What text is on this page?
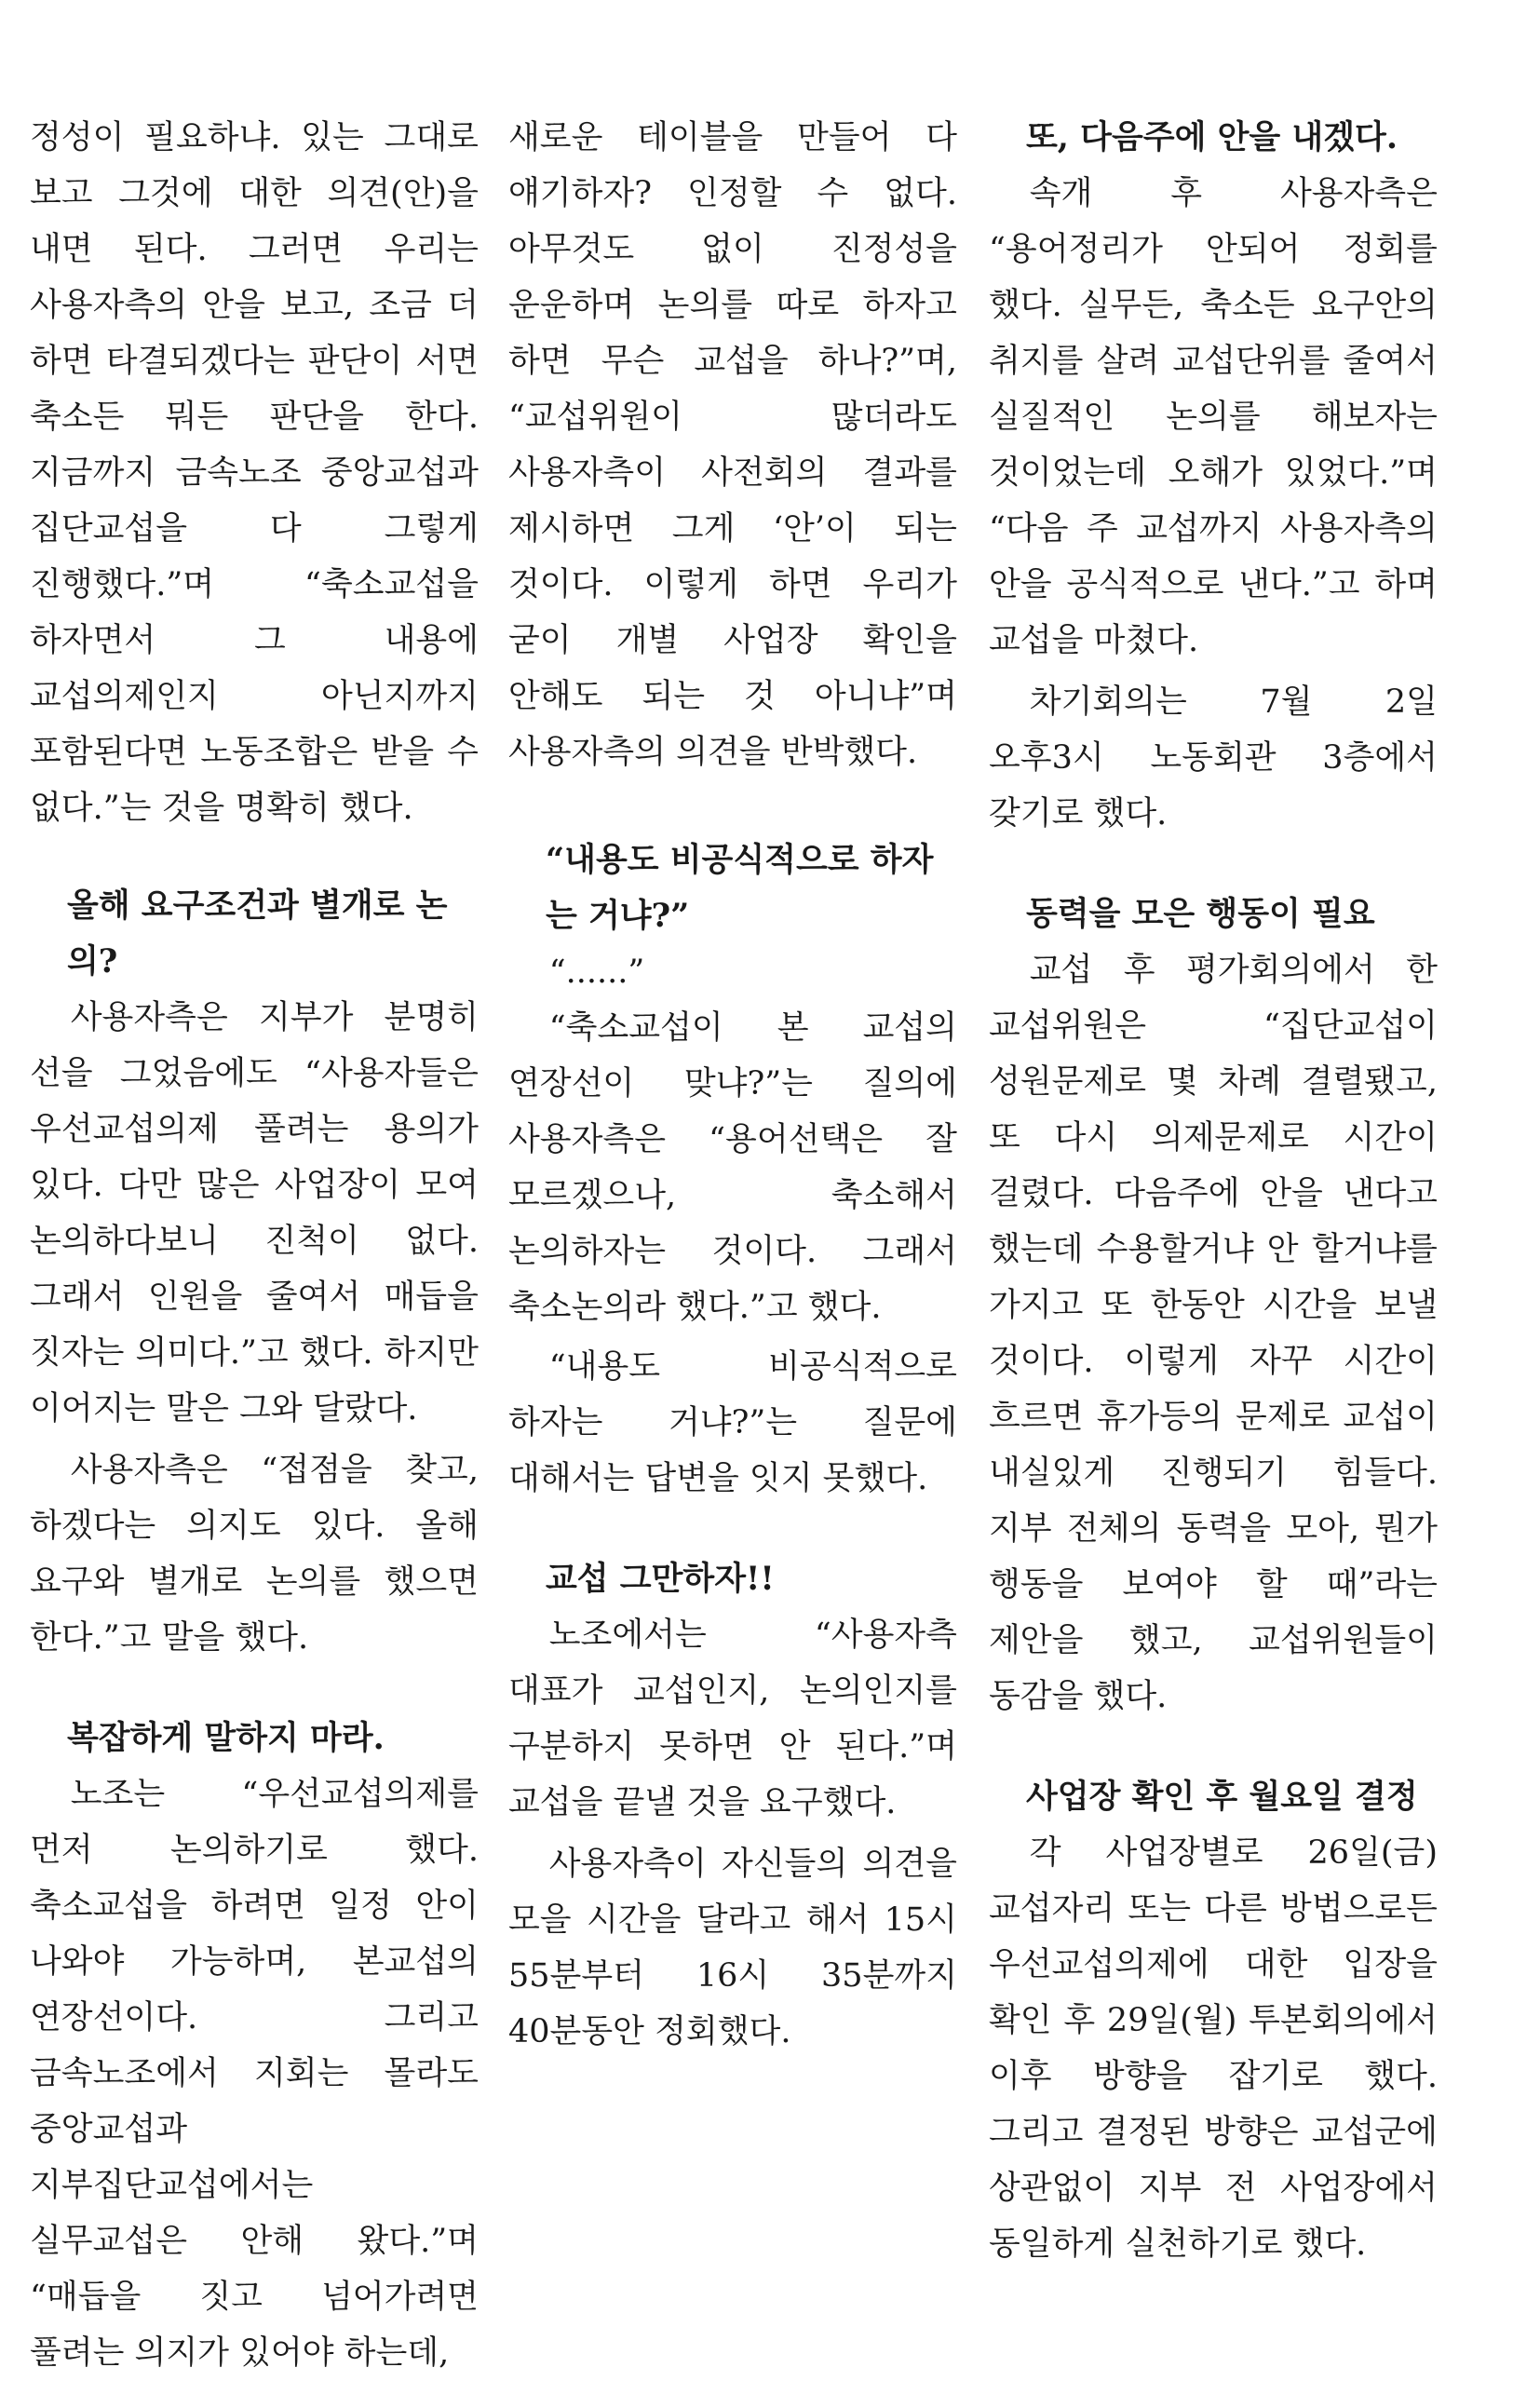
정성이 필요하냐. 있는 그대로 보고 그것에 대한 의견(안)을 내면 된다. 그러면 우리는 사용자측의 안을 보고, 조금 더 하면 타결되겠다는 판단이 서면 축소든 뭐든 판단을 한다. 지금까지 금속노조 중앙교섭과 집단교섭을 다 그렇게 진행했다.”며 “축소교섭을 하자면서 그 내용에 교섭의제인지 아닌지까지 포함된다면 노동조합은 받을 수 없다.”는 것을 명확히 했다.

올해 요구조건과 별개로 논의?

사용자측은 지부가 분명히 선을 그었음에도 “사용자들은 우선교섭의제 풀려는 용의가 있다. 다만 많은 사업장이 모여 논의하다보니 진척이 없다. 그래서 인원을 줄여서 매듭을 짓자는 의미다.”고 했다. 하지만 이어지는 말은 그와 달랐다.

사용자측은 “접점을 찾고, 하겠다는 의지도 있다. 올해 요구와 별개로 논의를 했으면 한다.”고 말을 했다.

복잡하게 말하지 마라.

노조는 “우선교섭의제를 먼저 논의하기로 했다. 축소교섭을 하려면 일정 안이 나와야 가능하며, 본교섭의 연장선이다. 그리고 금속노조에서 지회는 몰라도 중앙교섭과 지부집단교섭에서는 실무교섭은 안해 왔다.”며 “매듭을 짓고 넘어가려면 풀려는 의지가 있어야 하는데,

새로운 테이블을 만들어 다 얘기하자? 인정할 수 없다. 아무것도 없이 진정성을 운운하며 논의를 따로 하자고 하면 무슨 교섭을 하나?”며, “교섭위원이 많더라도 사용자측이 사전회의 결과를 제시하면 그게 ‘안’이 되는 것이다. 이렇게 하면 우리가 굳이 개별 사업장 확인을 안해도 되는 것 아니냐”며 사용자측의 의견을 반박했다.

“내용도 비공식적으로 하자는 거냐?”

“......”

“축소교섭이 본 교섭의 연장선이 맞냐?”는 질의에 사용자측은 “용어선택은 잘 모르겠으나, 축소해서 논의하자는 것이다. 그래서 축소논의라 했다.”고 했다.

“내용도 비공식적으로 하자는 거냐?”는 질문에 대해서는 답변을 잇지 못했다.

교섭 그만하자!!

노조에서는 “사용자측 대표가 교섭인지, 논의인지를 구분하지 못하면 안 된다.”며 교섭을 끝낼 것을 요구했다.

사용자측이 자신들의 의견을 모을 시간을 달라고 해서 15시 55분부터 16시 35분까지 40분동안 정회했다.

또, 다음주에 안을 내겠다.

속개 후 사용자측은 “용어정리가 안되어 정회를 했다. 실무든, 축소든 요구안의 취지를 살려 교섭단위를 줄여서 실질적인 논의를 해보자는 것이었는데 오해가 있었다.”며 “다음 주 교섭까지 사용자측의 안을 공식적으로 낸다.”고 하며 교섭을 마쳤다.

차기회의는 7월 2일 오후3시 노동회관 3층에서 갖기로 했다.

동력을 모은 행동이 필요

교섭 후 평가회의에서 한 교섭위원은 “집단교섭이 성원문제로 몇 차례 결렬됐고, 또 다시 의제문제로 시간이 걸렸다. 다음주에 안을 낸다고 했는데 수용할거냐 안 할거냐를 가지고 또 한동안 시간을 보낼 것이다. 이렇게 자꾸 시간이 흐르면 휴가등의 문제로 교섭이 내실있게 진행되기 힘들다. 지부 전체의 동력을 모아, 뭔가 행동을 보여야 할 때”라는 제안을 했고, 교섭위원들이 동감을 했다.

사업장 확인 후 월요일 결정

각 사업장별로 26일(금) 교섭자리 또는 다른 방법으로든 우선교섭의제에 대한 입장을 확인 후 29일(월) 투본회의에서 이후 방향을 잡기로 했다. 그리고 결정된 방향은 교섭군에 상관없이 지부 전 사업장에서 동일하게 실천하기로 했다.
